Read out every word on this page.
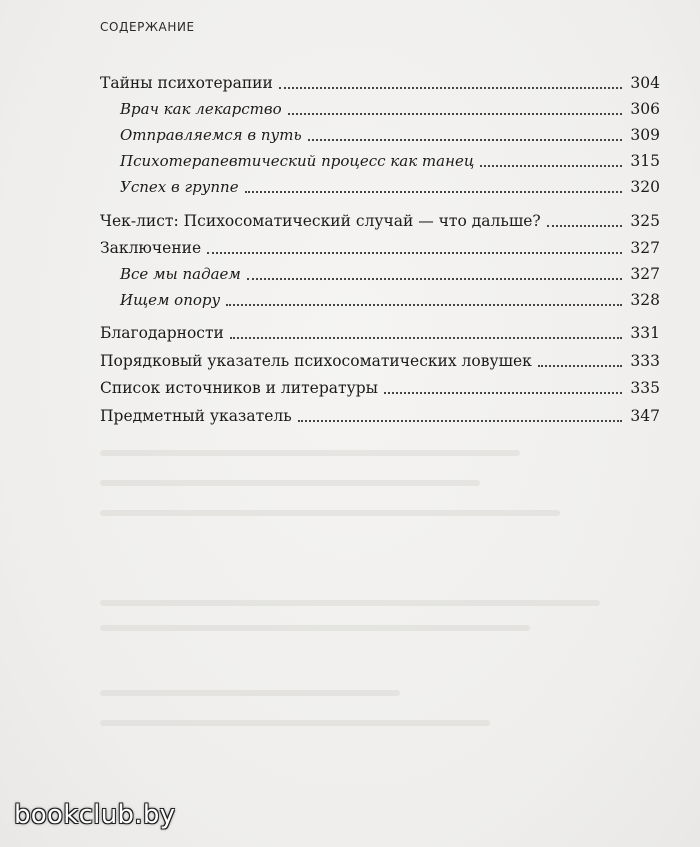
СОДЕРЖАНИЕ
Тайны психотерапии	304
Врач как лекарство	306
Отправляемся в путь	309
Психотерапевтический процесс как танец	315
Успех в группе	320
Чек-лист: Психосоматический случай — что дальше?	325
Заключение	327
Все мы падаем	327
Ищем опору	328
Благодарности	331
Порядковый указатель психосоматических ловушек	333
Список источников и литературы	335
Предметный указатель	347
bookclub.by
